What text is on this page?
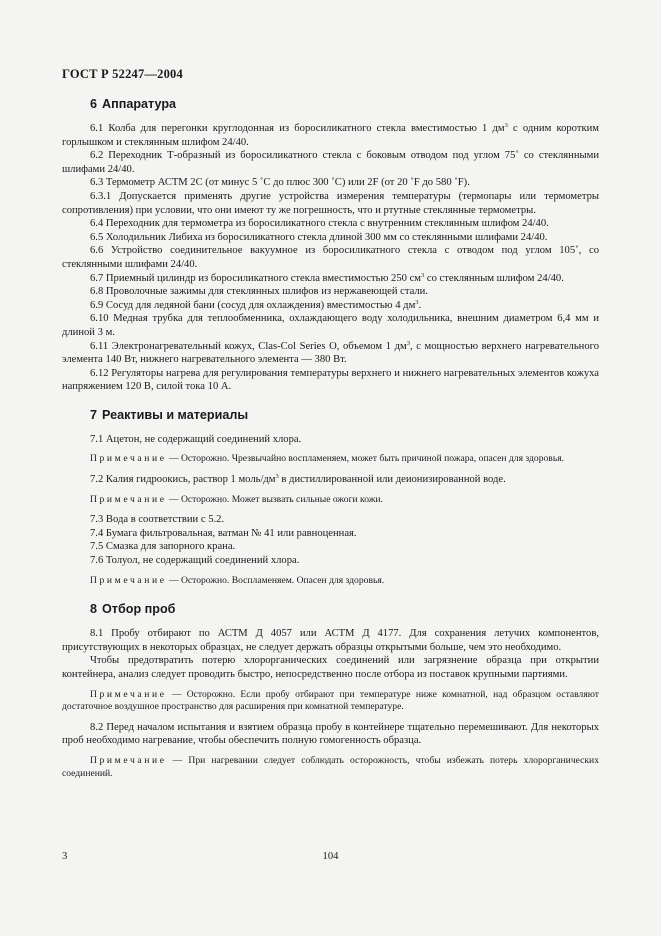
ГОСТ Р 52247—2004
6 Аппаратура

6.1 Колба для перегонки круглодонная из боросиликатного стекла вместимостью 1 $дм^3$ с одним коротким горлышком и стеклянным шлифом 24/40.

6.2 Переходник Т-образный из боросиликатного стекла с боковым отводом под углом 75˚ со стеклянными шлифами 24/40.

6.3 Термометр АСТМ 2С (от минус 5 ˚С до плюс 300 ˚С) или 2F (от 20 ˚F до 580 ˚F).

6.3.1 Допускается применять другие устройства измерения температуры (термопары или термометры сопротивления) при условии, что они имеют ту же погрешность, что и ртутные стеклянные термометры.

6.4 Переходник для термометра из боросиликатного стекла с внутренним стеклянным шлифом 24/40.

6.5 Холодильник Либиха из боросиликатного стекла длиной 300 мм со стеклянными шлифами 24/40.

6.6 Устройство соединительное вакуумное из боросиликатного стекла с отводом под углом 105˚, со стеклянными шлифами 24/40.

6.7 Приемный цилиндр из боросиликатного стекла вместимостью 250 $см^3$ со стеклянным шлифом 24/40.

6.8 Проволочные зажимы для стеклянных шлифов из нержавеющей стали.

6.9 Сосуд для ледяной бани (сосуд для охлаждения) вместимостью 4 $дм^3$.

6.10 Медная трубка для теплообменника, охлаждающего воду холодильника, внешним диаметром 6,4 мм и длиной 3 м.

6.11 Электронагревательный кожух, Clas-Col Series О, объемом 1 $дм^3$, с мощностью верхнего нагревательного элемента 140 Вт, нижнего нагревательного элемента — 380 Вт.

6.12 Регуляторы нагрева для регулирования температуры верхнего и нижнего нагревательных элементов кожуха напряжением 120 В, силой тока 10 А.

7 Реактивы и материалы

7.1 Ацетон, не содержащий соединений хлора.

Примечание — Осторожно. Чрезвычайно воспламеняем, может быть причиной пожара, опасен для здоровья.

7.2 Калия гидроокись, раствор 1 моль/$дм^3$ в дистиллированной или деионизированной воде.

Примечание — Осторожно. Может вызвать сильные ожоги кожи.

7.3 Вода в соответствии с 5.2.

7.4 Бумага фильтровальная, ватман № 41 или равноценная.

7.5 Смазка для запорного крана.

7.6 Толуол, не содержащий соединений хлора.

Примечание — Осторожно. Воспламеняем. Опасен для здоровья.

8 Отбор проб

8.1 Пробу отбирают по АСТМ Д 4057 или АСТМ Д 4177. Для сохранения летучих компонентов, присутствующих в некоторых образцах, не следует держать образцы открытыми больше, чем это необходимо.

Чтобы предотвратить потерю хлорорганических соединений или загрязнение образца при открытии контейнера, анализ следует проводить быстро, непосредственно после отбора из поставок крупными партиями.

Примечание — Осторожно. Если пробу отбирают при температуре ниже комнатной, над образцом оставляют достаточное воздушное пространство для расширения при комнатной температуре.

8.2 Перед началом испытания и взятием образца пробу в контейнере тщательно перемешивают. Для некоторых проб необходимо нагревание, чтобы обеспечить полную гомогенность образца.

Примечание — При нагревании следует соблюдать осторожность, чтобы избежать потерь хлорорганических соединений.

104
3
